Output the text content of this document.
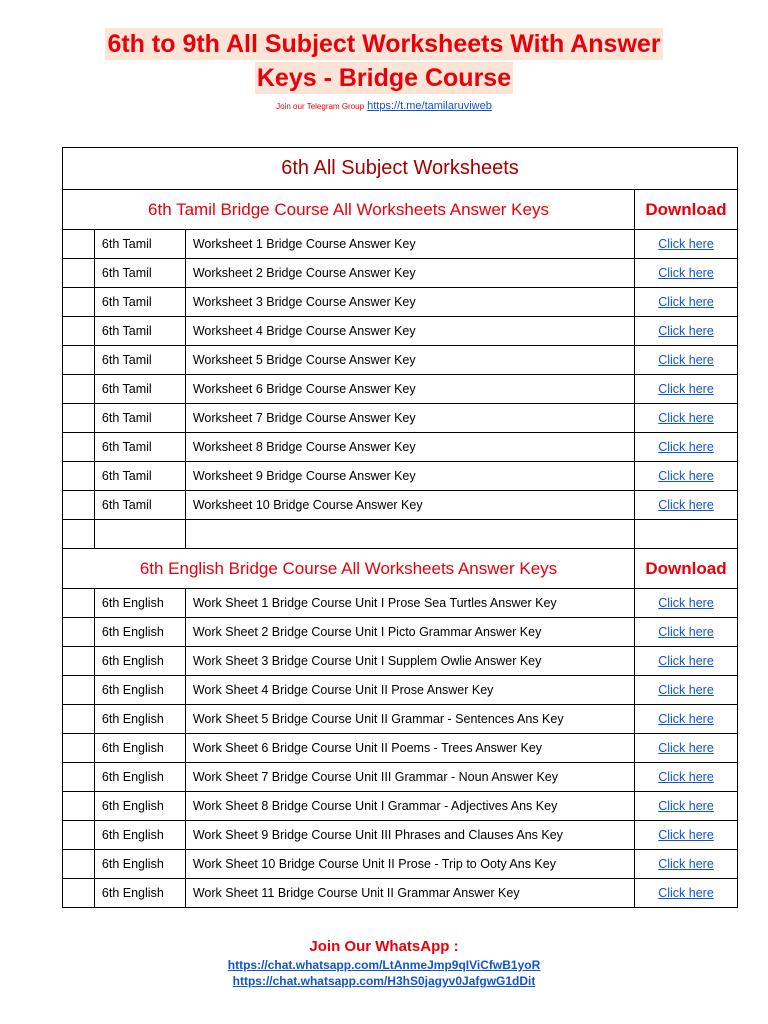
6th to 9th All Subject Worksheets With Answer
Keys - Bridge Course
Join our Telegram Group https://t.me/tamilaruviweb
6th All Subject Worksheets			
6th Tamil Bridge Course All Worksheets Answer Keys			Download
	6th Tamil	Worksheet 1 Bridge Course Answer Key	Click here
	6th Tamil	Worksheet 2 Bridge Course Answer Key	Click here
	6th Tamil	Worksheet 3 Bridge Course Answer Key	Click here
	6th Tamil	Worksheet 4 Bridge Course Answer Key	Click here
	6th Tamil	Worksheet 5 Bridge Course Answer Key	Click here
	6th Tamil	Worksheet 6 Bridge Course Answer Key	Click here
	6th Tamil	Worksheet 7 Bridge Course Answer Key	Click here
	6th Tamil	Worksheet 8 Bridge Course Answer Key	Click here
	6th Tamil	Worksheet 9 Bridge Course Answer Key	Click here
	6th Tamil	Worksheet 10 Bridge Course Answer Key	Click here

6th English Bridge Course All Worksheets Answer Keys			Download
	6th English	Work Sheet 1 Bridge Course Unit I Prose Sea Turtles Answer Key	Click here
	6th English	Work Sheet 2 Bridge Course Unit I Picto Grammar Answer Key	Click here
	6th English	Work Sheet 3 Bridge Course Unit I Supplem Owlie Answer Key	Click here
	6th English	Work Sheet 4 Bridge Course Unit II Prose Answer Key	Click here
	6th English	Work Sheet 5 Bridge Course Unit II Grammar - Sentences Ans Key	Click here
	6th English	Work Sheet 6 Bridge Course Unit II Poems - Trees Answer Key	Click here
	6th English	Work Sheet 7 Bridge Course Unit III Grammar - Noun Answer Key	Click here
	6th English	Work Sheet 8 Bridge Course Unit I Grammar - Adjectives Ans Key	Click here
	6th English	Work Sheet 9 Bridge Course Unit III Phrases and Clauses Ans Key	Click here
	6th English	Work Sheet 10 Bridge Course Unit II Prose - Trip to Ooty Ans Key	Click here
	6th English	Work Sheet 11 Bridge Course Unit II Grammar Answer Key	Click here
Join Our WhatsApp :
https://chat.whatsapp.com/LtAnmeJmp9qIViCfwB1yoR
https://chat.whatsapp.com/H3hS0jagyv0JafgwG1dDit
